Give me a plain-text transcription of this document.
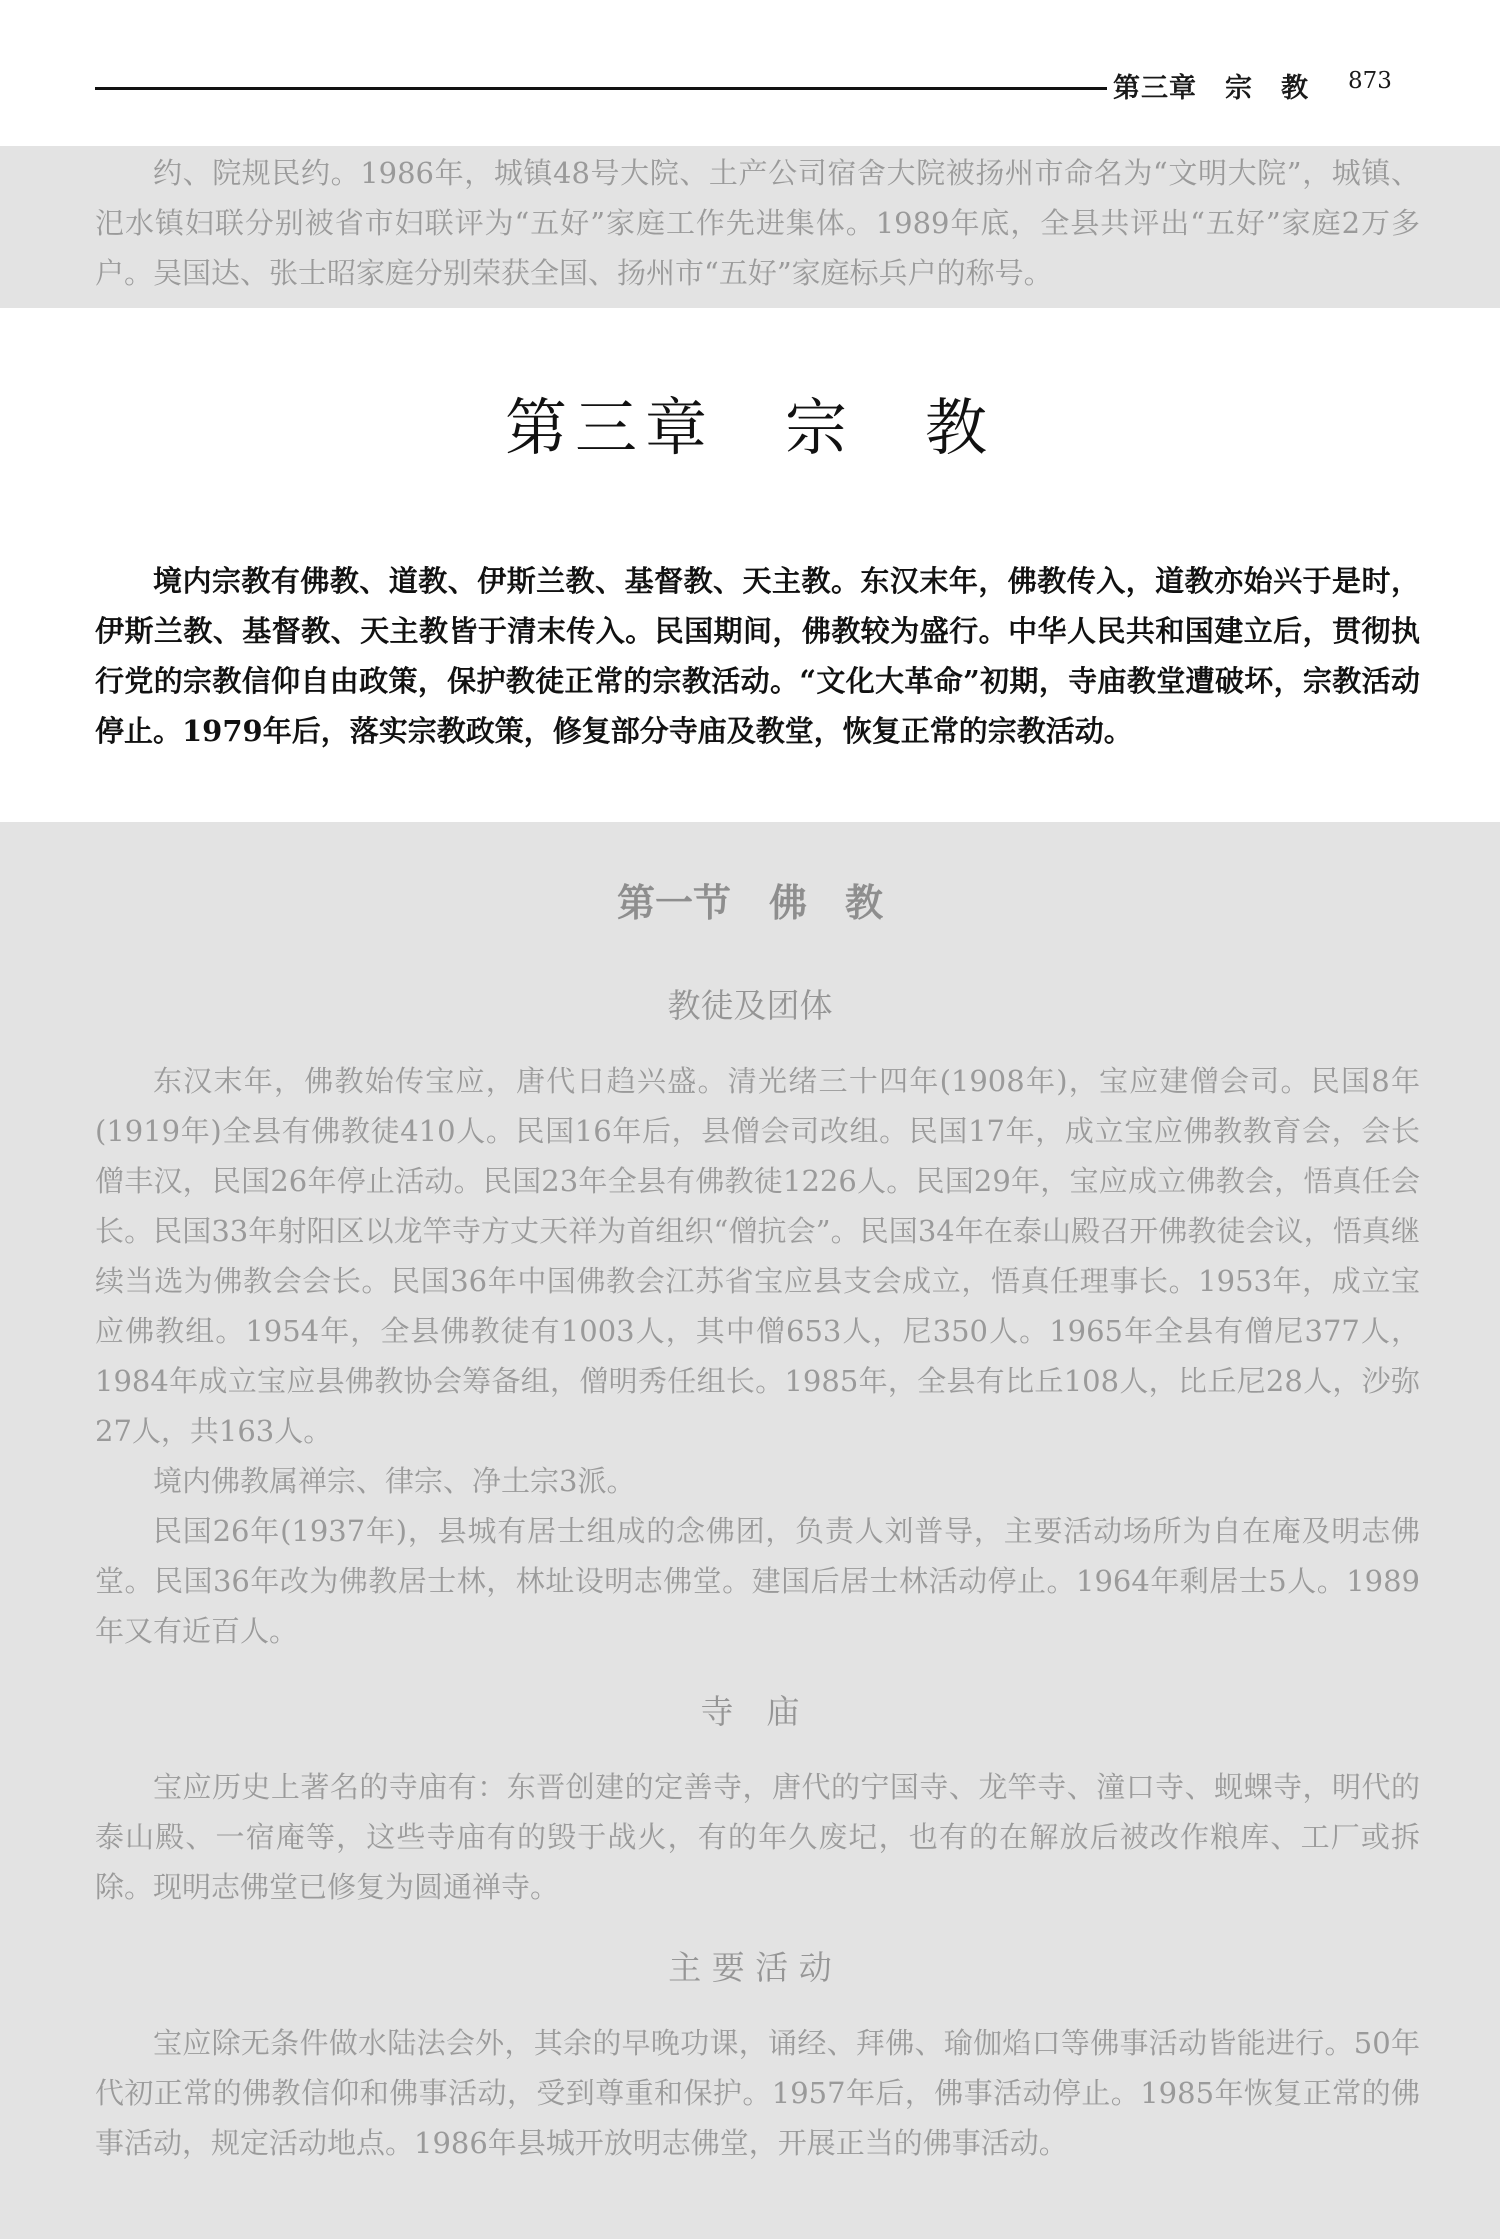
第三章　宗　教 873

约、院规民约。1986年，城镇48号大院、土产公司宿舍大院被扬州市命名为“文明大院”，城镇、汜水镇妇联分别被省市妇联评为“五好”家庭工作先进集体。1989年底，全县共评出“五好”家庭2万多户。吴国达、张士昭家庭分别荣获全国、扬州市“五好”家庭标兵户的称号。

第三章　宗　教

境内宗教有佛教、道教、伊斯兰教、基督教、天主教。东汉末年，佛教传入，道教亦始兴于是时，伊斯兰教、基督教、天主教皆于清末传入。民国期间，佛教较为盛行。中华人民共和国建立后，贯彻执行党的宗教信仰自由政策，保护教徒正常的宗教活动。“文化大革命”初期，寺庙教堂遭破坏，宗教活动停止。1979年后，落实宗教政策，修复部分寺庙及教堂，恢复正常的宗教活动。

第一节　佛　教
教徒及团体

东汉末年，佛教始传宝应，唐代日趋兴盛。清光绪三十四年(1908年)，宝应建僧会司。民国8年(1919年)全县有佛教徒410人。民国16年后，县僧会司改组。民国17年，成立宝应佛教教育会，会长僧丰汉，民国26年停止活动。民国23年全县有佛教徒1226人。民国29年，宝应成立佛教会，悟真任会长。民国33年射阳区以龙竿寺方丈天祥为首组织“僧抗会”。民国34年在泰山殿召开佛教徒会议，悟真继续当选为佛教会会长。民国36年中国佛教会江苏省宝应县支会成立，悟真任理事长。1953年，成立宝应佛教组。1954年，全县佛教徒有1003人，其中僧653人，尼350人。1965年全县有僧尼377人，1984年成立宝应县佛教协会筹备组，僧明秀任组长。1985年，全县有比丘108人，比丘尼28人，沙弥27人，共163人。

境内佛教属禅宗、律宗、净土宗3派。

民国26年(1937年)，县城有居士组成的念佛团，负责人刘普导，主要活动场所为自在庵及明志佛堂。民国36年改为佛教居士林，林址设明志佛堂。建国后居士林活动停止。1964年剩居士5人。1989年又有近百人。

寺　庙

宝应历史上著名的寺庙有：东晋创建的定善寺，唐代的宁国寺、龙竿寺、潼口寺、蚬蜾寺，明代的泰山殿、一宿庵等，这些寺庙有的毁于战火，有的年久废圮，也有的在解放后被改作粮库、工厂或拆除。现明志佛堂已修复为圆通禅寺。

主 要 活 动

宝应除无条件做水陆法会外，其余的早晚功课，诵经、拜佛、瑜伽焰口等佛事活动皆能进行。50年代初正常的佛教信仰和佛事活动，受到尊重和保护。1957年后，佛事活动停止。1985年恢复正常的佛事活动，规定活动地点。1986年县城开放明志佛堂，开展正当的佛事活动。
